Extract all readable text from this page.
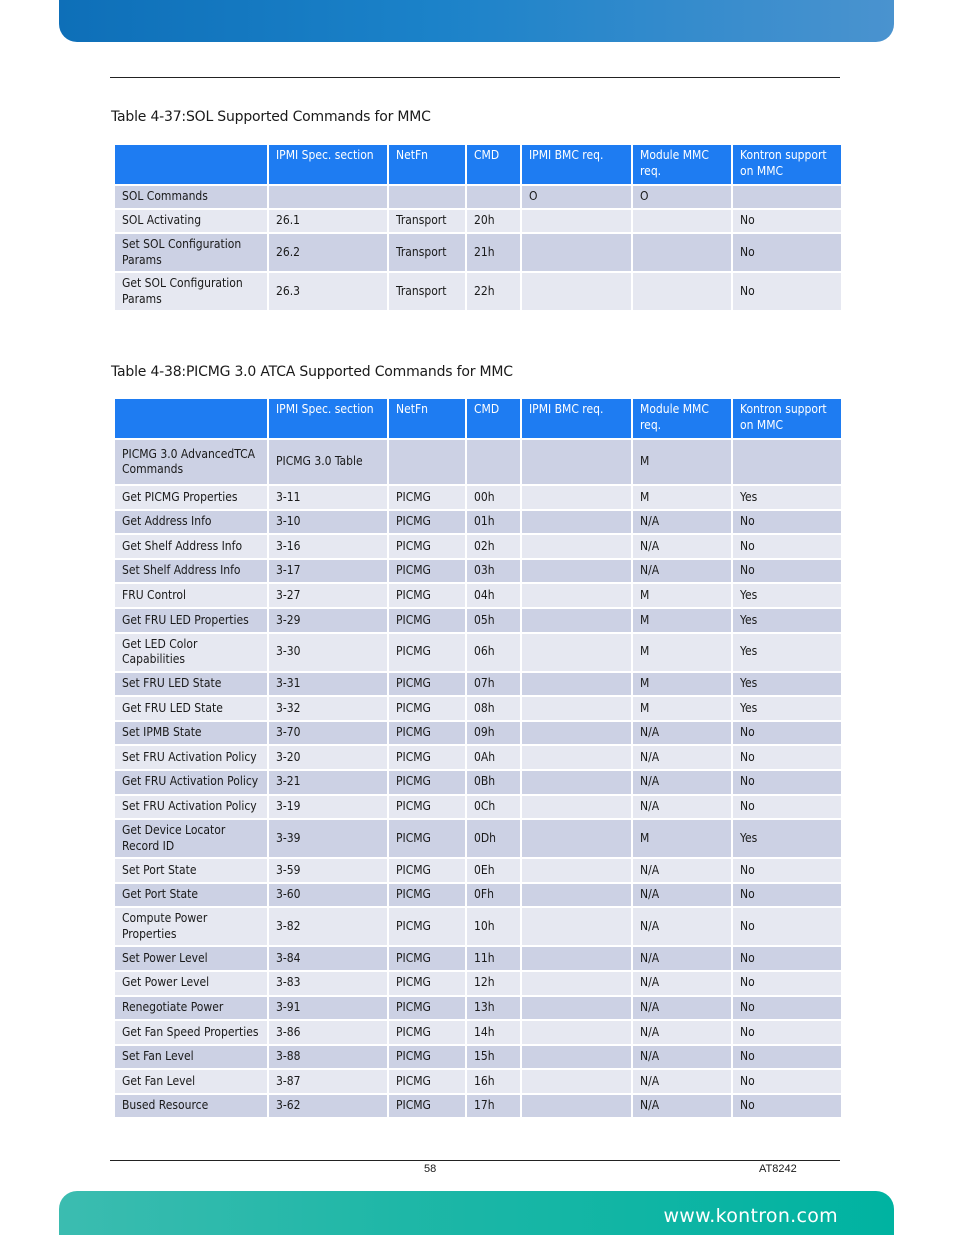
Table 4-37:SOL Supported Commands for MMC
	IPMI Spec. section	NetFn	CMD	IPMI BMC req.	Module MMC req.	Kontron support on MMC
SOL Commands				O	O	
SOL Activating	26.1	Transport	20h			No
Set SOL Configuration Params	26.2	Transport	21h			No
Get SOL Configuration Params	26.3	Transport	22h			No
Table 4-38:PICMG 3.0 ATCA Supported Commands for MMC
	IPMI Spec. section	NetFn	CMD	IPMI BMC req.	Module MMC req.	Kontron support on MMC
PICMG 3.0 AdvancedTCA Commands	PICMG 3.0 Table				M	
Get PICMG Properties	3-11	PICMG	00h		M	Yes
Get Address Info	3-10	PICMG	01h		N/A	No
Get Shelf Address Info	3-16	PICMG	02h		N/A	No
Set Shelf Address Info	3-17	PICMG	03h		N/A	No
FRU Control	3-27	PICMG	04h		M	Yes
Get FRU LED Properties	3-29	PICMG	05h		M	Yes
Get LED Color Capabilities	3-30	PICMG	06h		M	Yes
Set FRU LED State	3-31	PICMG	07h		M	Yes
Get FRU LED State	3-32	PICMG	08h		M	Yes
Set IPMB State	3-70	PICMG	09h		N/A	No
Set FRU Activation Policy	3-20	PICMG	0Ah		N/A	No
Get FRU Activation Policy	3-21	PICMG	0Bh		N/A	No
Set FRU Activation Policy	3-19	PICMG	0Ch		N/A	No
Get Device Locator Record ID	3-39	PICMG	0Dh		M	Yes
Set Port State	3-59	PICMG	0Eh		N/A	No
Get Port State	3-60	PICMG	0Fh		N/A	No
Compute Power Properties	3-82	PICMG	10h		N/A	No
Set Power Level	3-84	PICMG	11h		N/A	No
Get Power Level	3-83	PICMG	12h		N/A	No
Renegotiate Power	3-91	PICMG	13h		N/A	No
Get Fan Speed Properties	3-86	PICMG	14h		N/A	No
Set Fan Level	3-88	PICMG	15h		N/A	No
Get Fan Level	3-87	PICMG	16h		N/A	No
Bused Resource	3-62	PICMG	17h		N/A	No
58	AT8242
www.kontron.com
